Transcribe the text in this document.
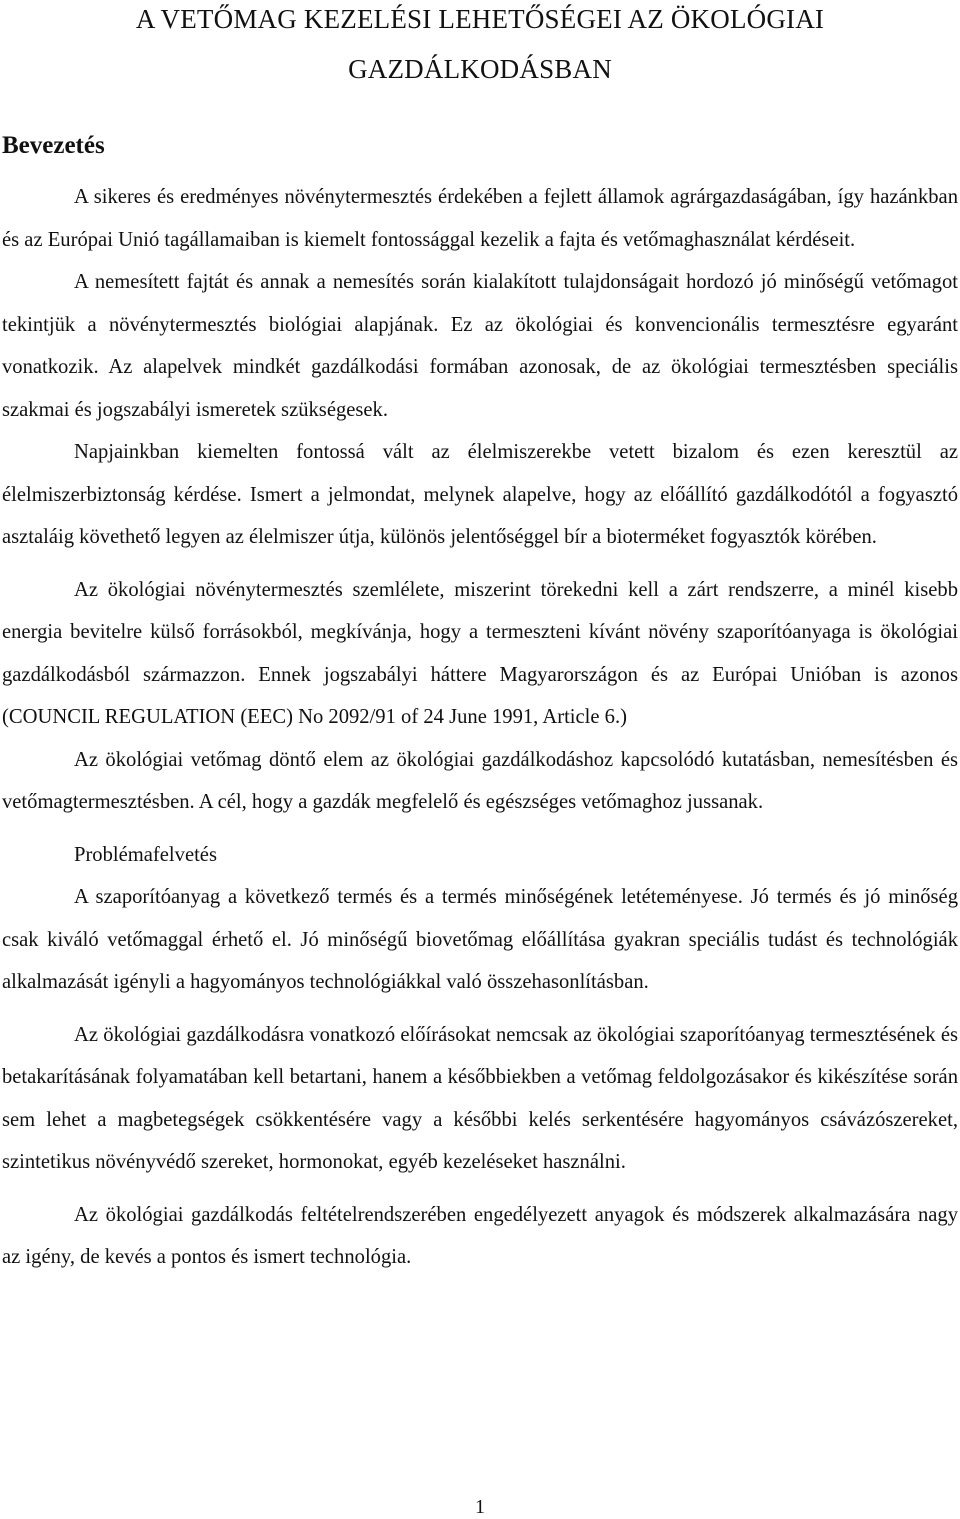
A VETŐMAG KEZELÉSI LEHETŐSÉGEI AZ ÖKOLÓGIAI
GAZDÁLKODÁSBAN
Bevezetés

A sikeres és eredményes növénytermesztés érdekében a fejlett államok agrárgazdaságában, így hazánkban és az Európai Unió tagállamaiban is kiemelt fontossággal kezelik a fajta és vetőmaghasználat kérdéseit.

A nemesített fajtát és annak a nemesítés során kialakított tulajdonságait hordozó jó minőségű vetőmagot tekintjük a növénytermesztés biológiai alapjának. Ez az ökológiai és konvencionális termesztésre egyaránt vonatkozik. Az alapelvek mindkét gazdálkodási formában azonosak, de az ökológiai termesztésben speciális szakmai és jogszabályi ismeretek szükségesek.

Napjainkban kiemelten fontossá vált az élelmiszerekbe vetett bizalom és ezen keresztül az élelmiszerbiztonság kérdése. Ismert a jelmondat, melynek alapelve, hogy az előállító gazdálkodótól a fogyasztó asztaláig követhető legyen az élelmiszer útja, különös jelentőséggel bír a bioterméket fogyasztók körében.

Az ökológiai növénytermesztés szemlélete, miszerint törekedni kell a zárt rendszerre, a minél kisebb energia bevitelre külső forrásokból, megkívánja, hogy a termeszteni kívánt növény szaporítóanyaga is ökológiai gazdálkodásból származzon. Ennek jogszabályi háttere Magyarországon és az Európai Unióban is azonos (COUNCIL REGULATION (EEC) No 2092/91 of 24 June 1991, Article 6.)

Az ökológiai vetőmag döntő elem az ökológiai gazdálkodáshoz kapcsolódó kutatásban, nemesítésben és vetőmagtermesztésben. A cél, hogy a gazdák megfelelő és egészséges vetőmaghoz jussanak.

Problémafelvetés

A szaporítóanyag a következő termés és a termés minőségének letéteményese. Jó termés és jó minőség csak kiváló vetőmaggal érhető el. Jó minőségű biovetőmag előállítása gyakran speciális tudást és technológiák alkalmazását igényli a hagyományos technológiákkal való összehasonlításban.

Az ökológiai gazdálkodásra vonatkozó előírásokat nemcsak az ökológiai szaporítóanyag termesztésének és betakarításának folyamatában kell betartani, hanem a későbbiekben a vetőmag feldolgozásakor és kikészítése során sem lehet a magbetegségek csökkentésére vagy a későbbi kelés serkentésére hagyományos csávázószereket, szintetikus növényvédő szereket, hormonokat, egyéb kezeléseket használni.

Az ökológiai gazdálkodás feltételrendszerében engedélyezett anyagok és módszerek alkalmazására nagy az igény, de kevés a pontos és ismert technológia.

1
